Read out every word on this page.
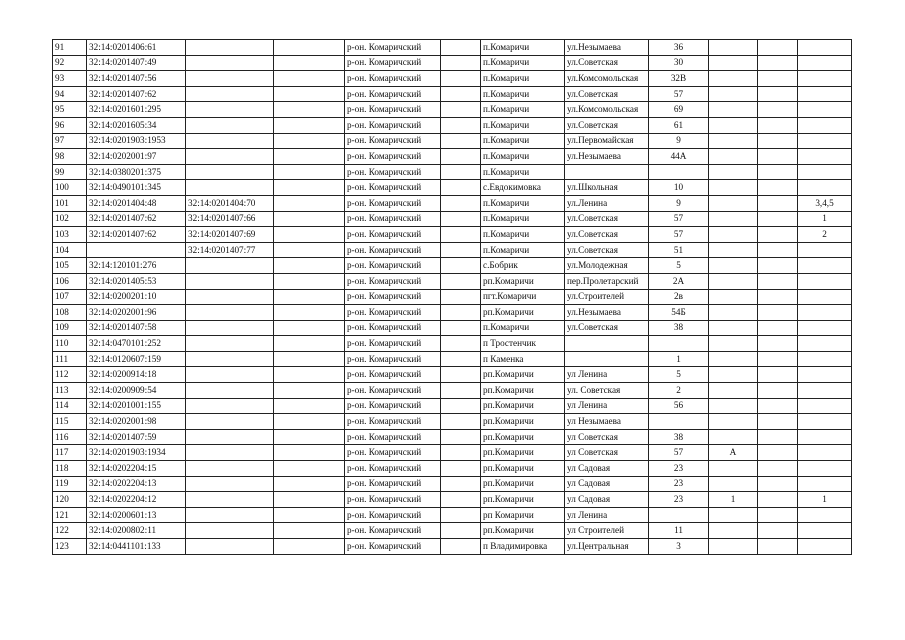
91	32:14:0201406:61			р-он. Комаричский		п.Комаричи	ул.Незымаева	36			
92	32:14:0201407:49			р-он. Комаричский		п.Комаричи	ул.Советская	30			
93	32:14:0201407:56			р-он. Комаричский		п.Комаричи	ул.Комсомольская	32В			
94	32:14:0201407:62			р-он. Комаричский		п.Комаричи	ул.Советская	57			
95	32:14:0201601:295			р-он. Комаричский		п.Комаричи	ул.Комсомольская	69			
96	32:14:0201605:34			р-он. Комаричский		п.Комаричи	ул.Советская	61			
97	32:14:0201903:1953			р-он. Комаричский		п.Комаричи	ул.Первомайская	9			
98	32:14:0202001:97			р-он. Комаричский		п.Комаричи	ул.Незымаева	44А			
99	32:14:0380201:375			р-он. Комаричский		п.Комаричи					
100	32:14:0490101:345			р-он. Комаричский		с.Евдокимовка	ул.Школьная	10			
101	32:14:0201404:48	32:14:0201404:70		р-он. Комаричский		п.Комаричи	ул.Ленина	9			3,4,5
102	32:14:0201407:62	32:14:0201407:66		р-он. Комаричский		п.Комаричи	ул.Советская	57			1
103	32:14:0201407:62	32:14:0201407:69		р-он. Комаричский		п.Комаричи	ул.Советская	57			2
104		32:14:0201407:77		р-он. Комаричский		п.Комаричи	ул.Советская	51			
105	32:14:120101:276			р-он. Комаричский		с.Бобрик	ул.Молодежная	5			
106	32:14:0201405:53			р-он. Комаричский		рп.Комаричи	пер.Пролетарский	2А			
107	32:14:0200201:10			р-он. Комаричский		пгт.Комаричи	ул.Строителей	2в			
108	32:14:0202001:96			р-он. Комаричский		рп.Комаричи	ул.Незымаева	54Б			
109	32:14:0201407:58			р-он. Комаричский		п.Комаричи	ул.Советская	38			
110	32:14:0470101:252			р-он. Комаричский		п Тростенчик					
111	32:14:0120607:159			р-он. Комаричский		п Каменка		1			
112	32:14:0200914:18			р-он. Комаричский		рп.Комаричи	ул Ленина	5			
113	32:14:0200909:54			р-он. Комаричский		рп.Комаричи	ул. Советская	2			
114	32:14:0201001:155			р-он. Комаричский		рп.Комаричи	ул Ленина	56			
115	32:14:0202001:98			р-он. Комаричский		рп.Комаричи	ул Незымаева				
116	32:14:0201407:59			р-он. Комаричский		рп.Комаричи	ул Советская	38			
117	32:14:0201903:1934			р-он. Комаричский		рп.Комаричи	ул Советская	57	А		
118	32:14:0202204:15			р-он. Комаричский		рп.Комаричи	ул Садовая	23			
119	32:14:0202204:13			р-он. Комаричский		рп.Комаричи	ул Садовая	23			
120	32:14:0202204:12			р-он. Комаричский		рп.Комаричи	ул Садовая	23	1		1
121	32:14:0200601:13			р-он. Комаричский		рп Комаричи	ул Ленина				
122	32:14:0200802:11			р-он. Комаричский		рп.Комаричи	ул Строителей	11			
123	32:14:0441101:133			р-он. Комаричский		п Владимировка	ул.Центральная	3			
